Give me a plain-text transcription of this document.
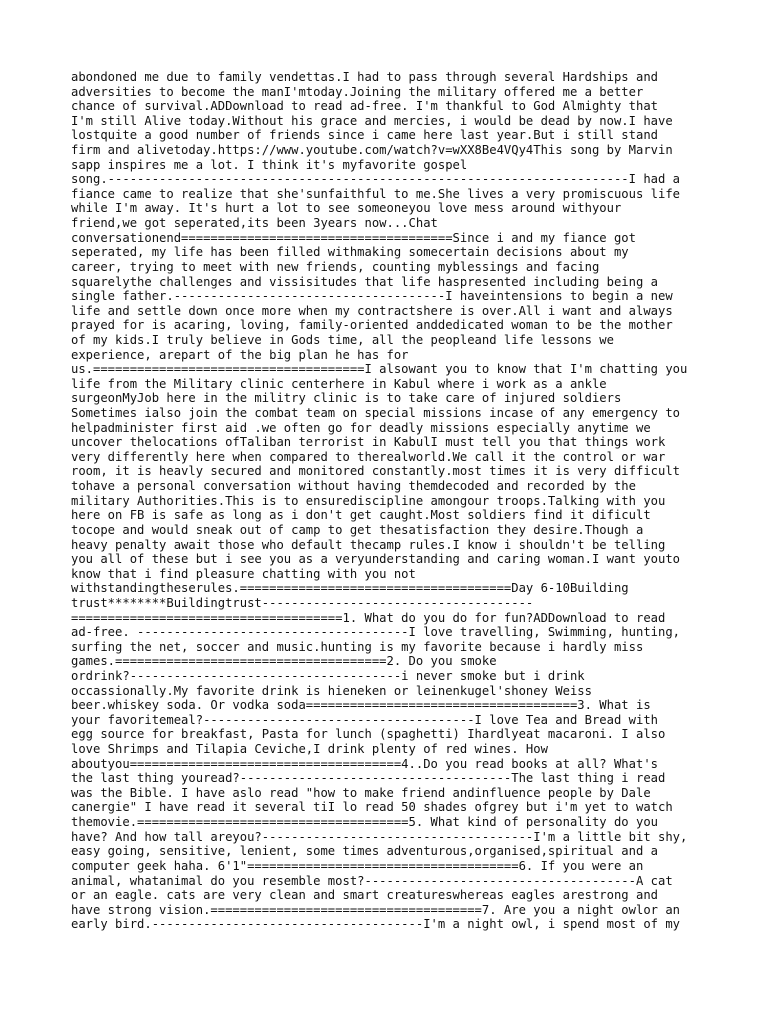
abondoned me due to family vendettas.I had to pass through several Hardships and
adversities to become the manI'mtoday.Joining the military offered me a better
chance of survival.ADDownload to read ad-free. I'm thankful to God Almighty that
I'm still Alive today.Without his grace and mercies, i would be dead by now.I have
lostquite a good number of friends since i came here last year.But i still stand
firm and alivetoday.https://www.youtube.com/watch?v=wXX8Be4VQy4This song by Marvin
sapp inspires me a lot. I think it's myfavorite gospel
song.-----------------------------------------------------------------------I had a
fiance came to realize that she'sunfaithful to me.She lives a very promiscuous life
while I'm away. It's hurt a lot to see someoneyou love mess around withyour
friend,we got seperated,its been 3years now...Chat
conversationend=====================================Since i and my fiance got
seperated, my life has been filled withmaking somecertain decisions about my
career, trying to meet with new friends, counting myblessings and facing
squarelythe challenges and vissisitudes that life haspresented including being a
single father.-------------------------------------I haveintensions to begin a new
life and settle down once more when my contractshere is over.All i want and always
prayed for is acaring, loving, family-oriented anddedicated woman to be the mother
of my kids.I truly believe in Gods time, all the peopleand life lessons we
experience, arepart of the big plan he has for
us.=====================================I alsowant you to know that I'm chatting you
life from the Military clinic centerhere in Kabul where i work as a ankle
surgeonMyJob here in the militry clinic is to take care of injured soldiers
Sometimes ialso join the combat team on special missions incase of any emergency to
helpadminister first aid .we often go for deadly missions especially anytime we
uncover thelocations ofTaliban terrorist in KabulI must tell you that things work
very differently here when compared to therealworld.We call it the control or war
room, it is heavly secured and monitored constantly.most times it is very difficult
tohave a personal conversation without having themdecoded and recorded by the
military Authorities.This is to ensurediscipline amongour troops.Talking with you
here on FB is safe as long as i don't get caught.Most soldiers find it dificult
tocope and would sneak out of camp to get thesatisfaction they desire.Though a
heavy penalty await those who default thecamp rules.I know i shouldn't be telling
you all of these but i see you as a veryunderstanding and caring woman.I want youto
know that i find pleasure chatting with you not
withstandingtheserules.=====================================Day 6-10Building
trust********Buildingtrust-------------------------------------
=====================================1. What do you do for fun?ADDownload to read
ad-free. -------------------------------------I love travelling, Swimming, hunting,
surfing the net, soccer and music.hunting is my favorite because i hardly miss
games.=====================================2. Do you smoke
ordrink?-------------------------------------i never smoke but i drink
occassionally.My favorite drink is hieneken or leinenkugel'shoney Weiss
beer.whiskey soda. Or vodka soda=====================================3. What is
your favoritemeal?-------------------------------------I love Tea and Bread with
egg source for breakfast, Pasta for lunch (spaghetti) Ihardlyeat macaroni. I also
love Shrimps and Tilapia Ceviche,I drink plenty of red wines. How
aboutyou=====================================4..Do you read books at all? What's
the last thing youread?-------------------------------------The last thing i read
was the Bible. I have aslo read "how to make friend andinfluence people by Dale
canergie" I have read it several tiI lo read 50 shades ofgrey but i'm yet to watch
themovie.=====================================5. What kind of personality do you
have? And how tall areyou?-------------------------------------I'm a little bit shy,
easy going, sensitive, lenient, some times adventurous,organised,spiritual and a
computer geek haha. 6'1"=====================================6. If you were an
animal, whatanimal do you resemble most?-------------------------------------A cat
or an eagle. cats are very clean and smart creatureswhereas eagles arestrong and
have strong vision.=====================================7. Are you a night owlor an
early bird.-------------------------------------I'm a night owl, i spend most of my
